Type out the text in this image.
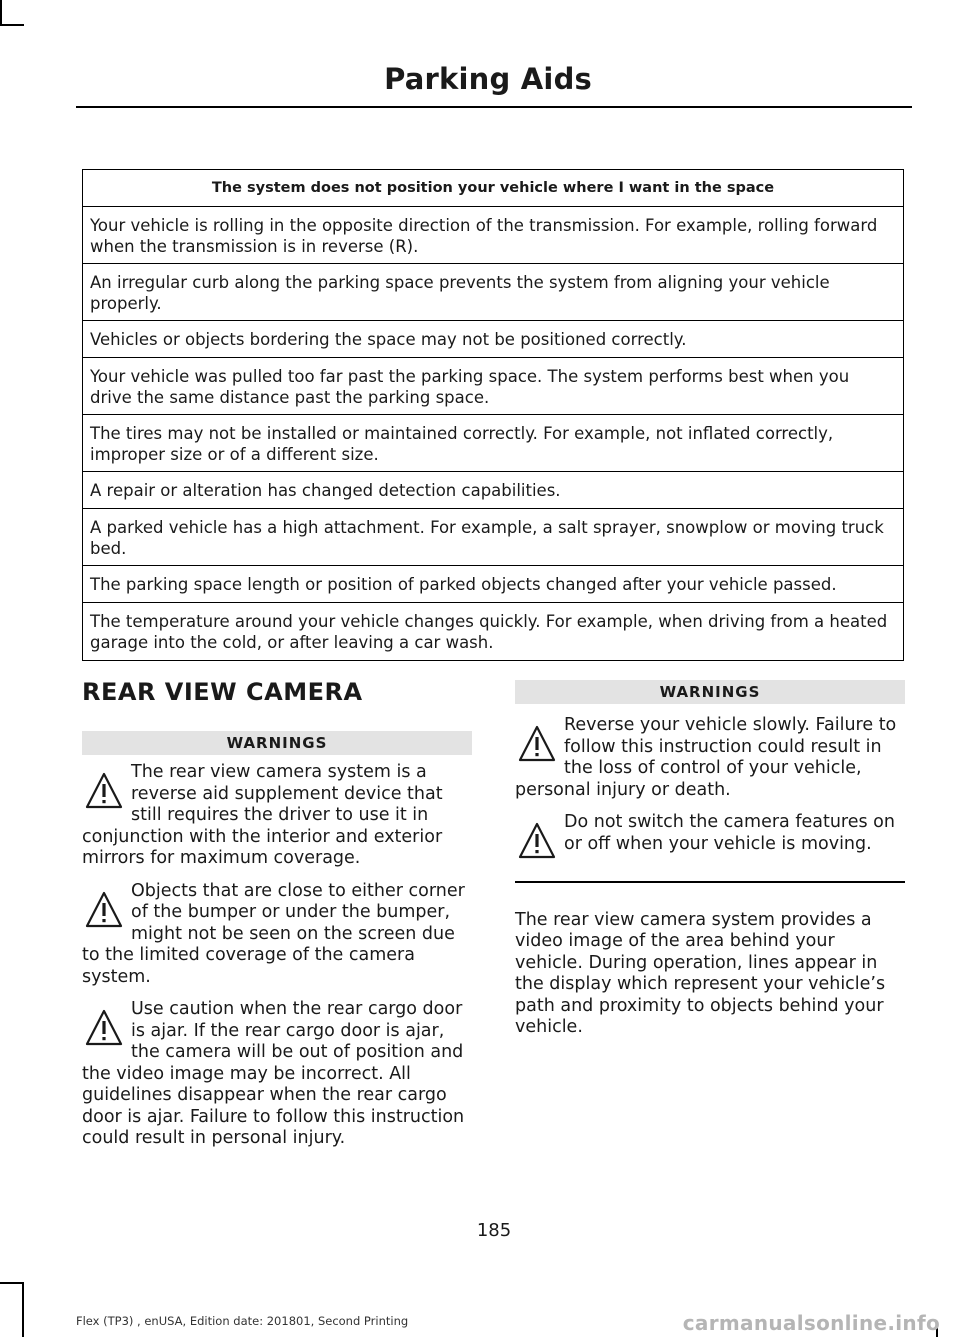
Parking Aids
The system does not position your vehicle where I want in the space
Your vehicle is rolling in the opposite direction of the transmission. For example, rolling forward when the transmission is in reverse (R).
An irregular curb along the parking space prevents the system from aligning your vehicle properly.
Vehicles or objects bordering the space may not be positioned correctly.
Your vehicle was pulled too far past the parking space. The system performs best when you drive the same distance past the parking space.
The tires may not be installed or maintained correctly. For example, not inflated correctly, improper size or of a different size.
A repair or alteration has changed detection capabilities.
A parked vehicle has a high attachment. For example, a salt sprayer, snowplow or moving truck bed.
The parking space length or position of parked objects changed after your vehicle passed.
The temperature around your vehicle changes quickly. For example, when driving from a heated garage into the cold, or after leaving a car wash.
REAR VIEW CAMERA
WARNINGS
The rear view camera system is a reverse aid supplement device that still requires the driver to use it in conjunction with the interior and exterior mirrors for maximum coverage.
Objects that are close to either corner of the bumper or under the bumper, might not be seen on the screen due to the limited coverage of the camera system.
Use caution when the rear cargo door is ajar. If the rear cargo door is ajar, the camera will be out of position and the video image may be incorrect. All guidelines disappear when the rear cargo door is ajar. Failure to follow this instruction could result in personal injury.
WARNINGS
Reverse your vehicle slowly. Failure to follow this instruction could result in the loss of control of your vehicle, personal injury or death.
Do not switch the camera features on or off when your vehicle is moving.
The rear view camera system provides a video image of the area behind your vehicle. During operation, lines appear in the display which represent your vehicle’s path and proximity to objects behind your vehicle.
185
Flex (TP3) , enUSA, Edition date: 201801, Second Printing	carmanualsonline.info
